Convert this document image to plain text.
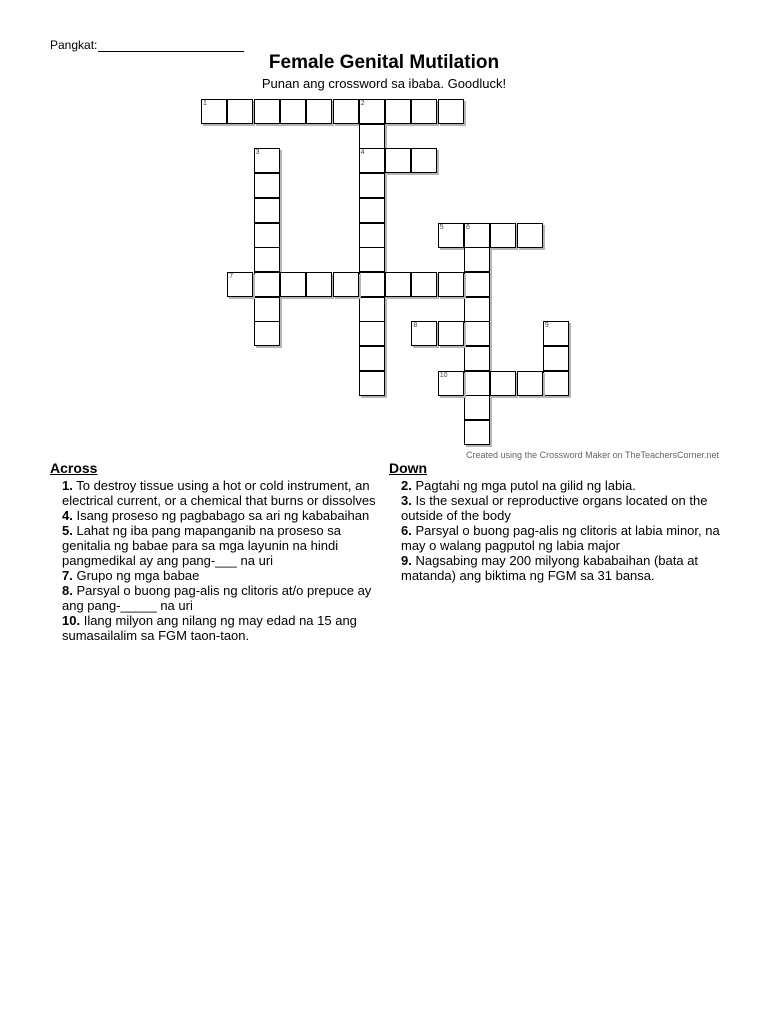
Pangkat:
Female Genital Mutilation
Punan ang crossword sa ibaba. Goodluck!
1	2
4
3
5	6
7
8	9
10
Created using the Crossword Maker on TheTeachersCorner.net
Across
1. To destroy tissue using a hot or cold instrument, an electrical current, or a chemical that burns or dissolves
4. Isang proseso ng pagbabago sa ari ng kababaihan
5. Lahat ng iba pang mapanganib na proseso sa genitalia ng babae para sa mga layunin na hindi pangmedikal ay ang pang-___ na uri
7. Grupo ng mga babae
8. Parsyal o buong pag-alis ng clitoris at/o prepuce ay ang pang-_____ na uri
10. Ilang milyon ang nilang ng may edad na 15 ang sumasailalim sa FGM taon-taon.
Down
2. Pagtahi ng mga putol na gilid ng labia.
3. Is the sexual or reproductive organs located on the outside of the body
6. Parsyal o buong pag-alis ng clitoris at labia minor, na may o walang pagputol ng labia major
9. Nagsabing may 200 milyong kababaihan (bata at matanda) ang biktima ng FGM sa 31 bansa.
